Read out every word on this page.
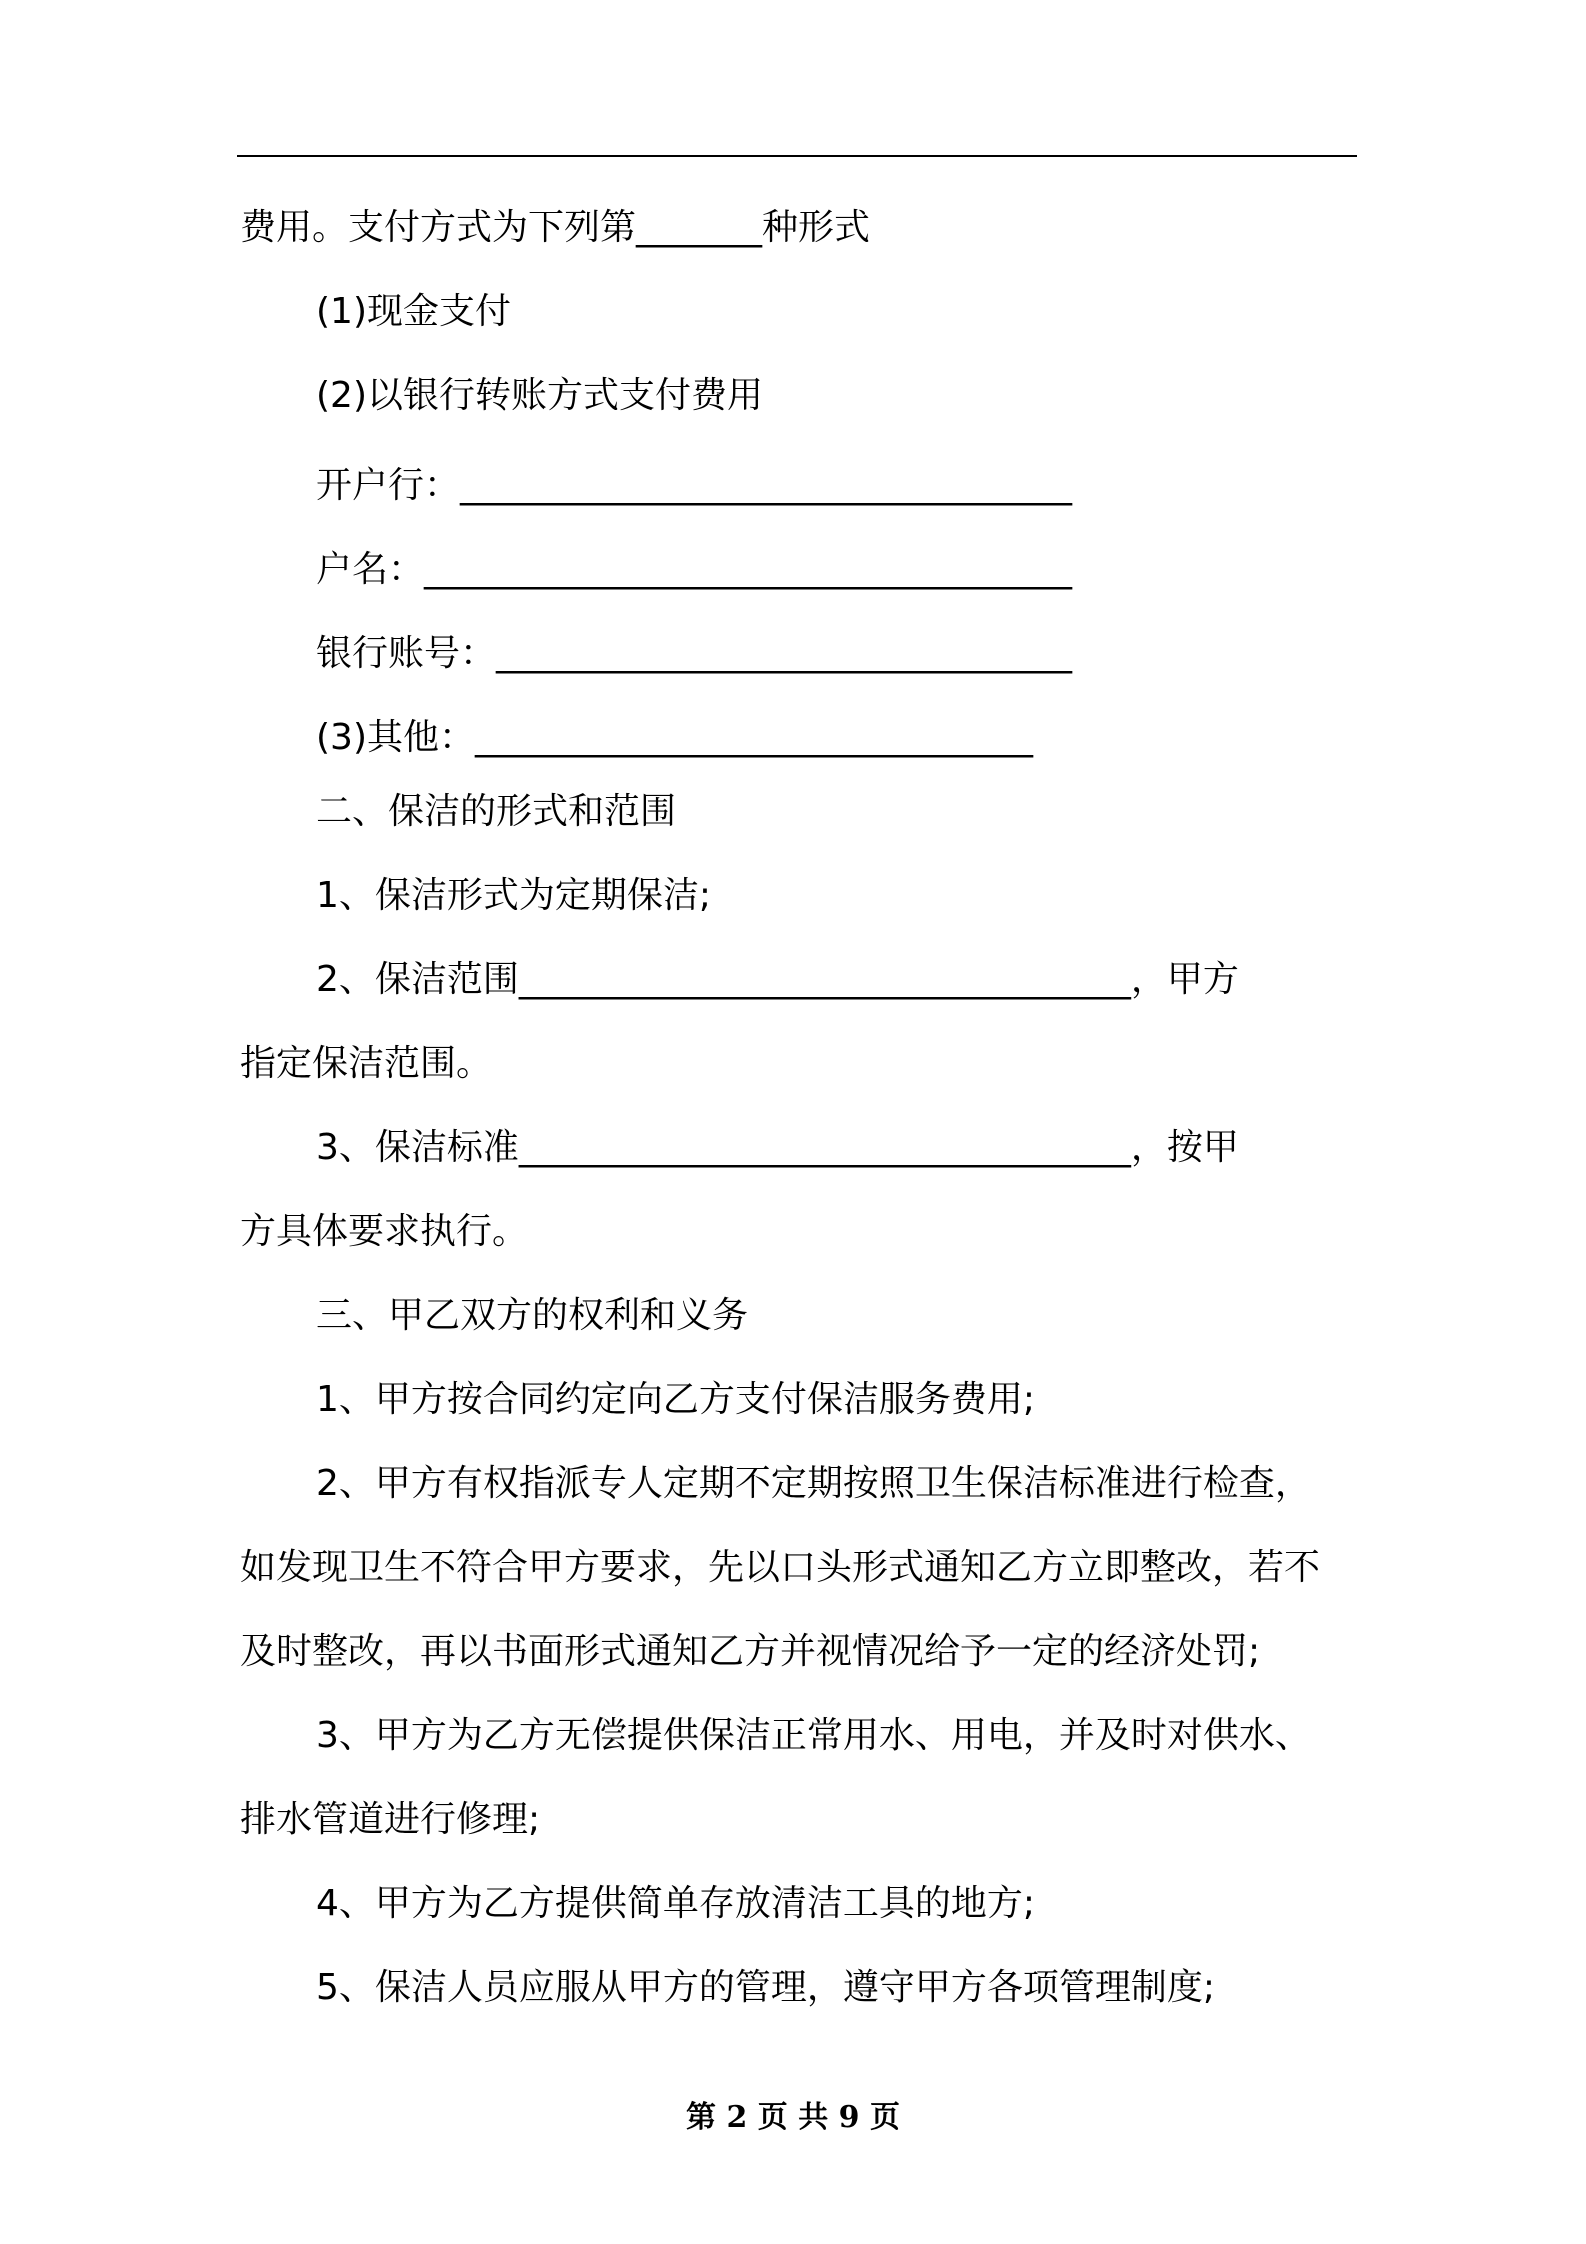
费用。支付方式为下列第_______种形式
(1)现金支付
(2)以银行转账方式支付费用
开户行：__________________________________
户名：____________________________________
银行账号：________________________________
(3)其他：_______________________________
二、保洁的形式和范围
1、保洁形式为定期保洁;
2、保洁范围__________________________________，甲方
指定保洁范围。
3、保洁标准__________________________________，按甲
方具体要求执行。
三、甲乙双方的权利和义务
1、甲方按合同约定向乙方支付保洁服务费用;
2、甲方有权指派专人定期不定期按照卫生保洁标准进行检查，
如发现卫生不符合甲方要求，先以口头形式通知乙方立即整改，若不
及时整改，再以书面形式通知乙方并视情况给予一定的经济处罚;
3、甲方为乙方无偿提供保洁正常用水、用电，并及时对供水、
排水管道进行修理;
4、甲方为乙方提供简单存放清洁工具的地方;
5、保洁人员应服从甲方的管理，遵守甲方各项管理制度;
第 2 页 共 9 页
